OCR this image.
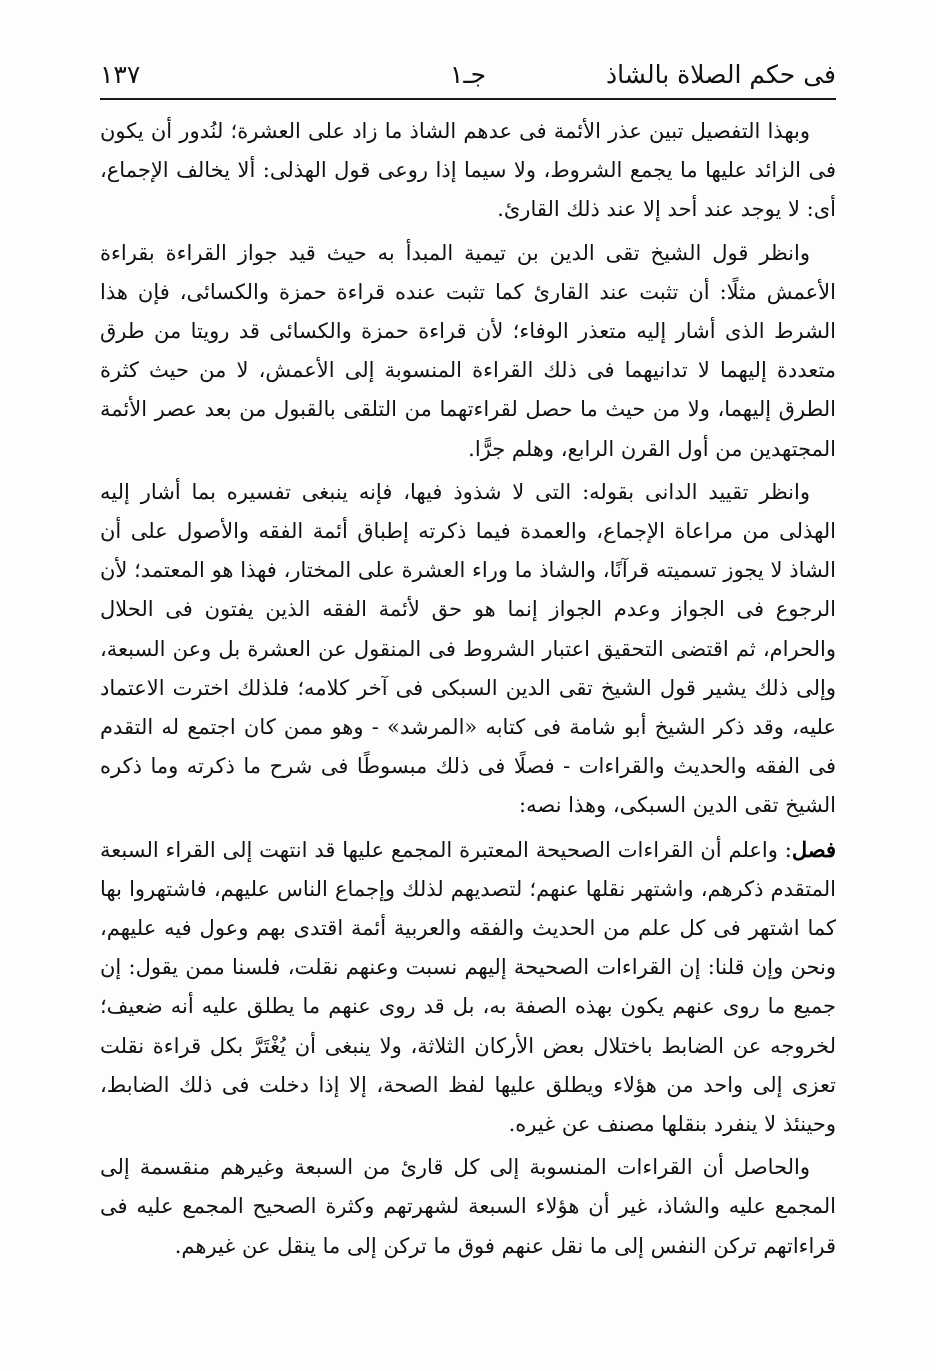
فى حكم الصلاة بالشاذ
جـ١
١٣٧

وبهذا التفصيل تبين عذر الأئمة فى عدهم الشاذ ما زاد على العشرة؛ لنُدور أن يكون فى الزائد عليها ما يجمع الشروط، ولا سيما إذا روعى قول الهذلى: ألا يخالف الإجماع، أى: لا يوجد عند أحد إلا عند ذلك القارئ.

وانظر قول الشيخ تقى الدين بن تيمية المبدأ به حيث قيد جواز القراءة بقراءة الأعمش مثلًا: أن تثبت عند القارئ كما تثبت عنده قراءة حمزة والكسائى، فإن هذا الشرط الذى أشار إليه متعذر الوفاء؛ لأن قراءة حمزة والكسائى قد رويتا من طرق متعددة إليهما لا تدانيهما فى ذلك القراءة المنسوبة إلى الأعمش، لا من حيث كثرة الطرق إليهما، ولا من حيث ما حصل لقراءتهما من التلقى بالقبول من بعد عصر الأئمة المجتهدين من أول القرن الرابع، وهلم جرًّا.

وانظر تقييد الدانى بقوله: التى لا شذوذ فيها، فإنه ينبغى تفسيره بما أشار إليه الهذلى من مراعاة الإجماع، والعمدة فيما ذكرته إطباق أئمة الفقه والأصول على أن الشاذ لا يجوز تسميته قرآنًا، والشاذ ما وراء العشرة على المختار، فهذا هو المعتمد؛ لأن الرجوع فى الجواز وعدم الجواز إنما هو حق لأئمة الفقه الذين يفتون فى الحلال والحرام، ثم اقتضى التحقيق اعتبار الشروط فى المنقول عن العشرة بل وعن السبعة، وإلى ذلك يشير قول الشيخ تقى الدين السبكى فى آخر كلامه؛ فلذلك اخترت الاعتماد عليه، وقد ذكر الشيخ أبو شامة فى كتابه «المرشد» - وهو ممن كان اجتمع له التقدم فى الفقه والحديث والقراءات - فصلًا فى ذلك مبسوطًا فى شرح ما ذكرته وما ذكره الشيخ تقى الدين السبكى، وهذا نصه:

فصل: واعلم أن القراءات الصحيحة المعتبرة المجمع عليها قد انتهت إلى القراء السبعة المتقدم ذكرهم، واشتهر نقلها عنهم؛ لتصديهم لذلك وإجماع الناس عليهم، فاشتهروا بها كما اشتهر فى كل علم من الحديث والفقه والعربية أئمة اقتدى بهم وعول فيه عليهم، ونحن وإن قلنا: إن القراءات الصحيحة إليهم نسبت وعنهم نقلت، فلسنا ممن يقول: إن جميع ما روى عنهم يكون بهذه الصفة به، بل قد روى عنهم ما يطلق عليه أنه ضعيف؛ لخروجه عن الضابط باختلال بعض الأركان الثلاثة، ولا ينبغى أن يُغْتَرَّ بكل قراءة نقلت تعزى إلى واحد من هؤلاء ويطلق عليها لفظ الصحة، إلا إذا دخلت فى ذلك الضابط، وحينئذ لا ينفرد بنقلها مصنف عن غيره.

والحاصل أن القراءات المنسوبة إلى كل قارئ من السبعة وغيرهم منقسمة إلى المجمع عليه والشاذ، غير أن هؤلاء السبعة لشهرتهم وكثرة الصحيح المجمع عليه فى قراءاتهم تركن النفس إلى ما نقل عنهم فوق ما تركن إلى ما ينقل عن غيرهم.
